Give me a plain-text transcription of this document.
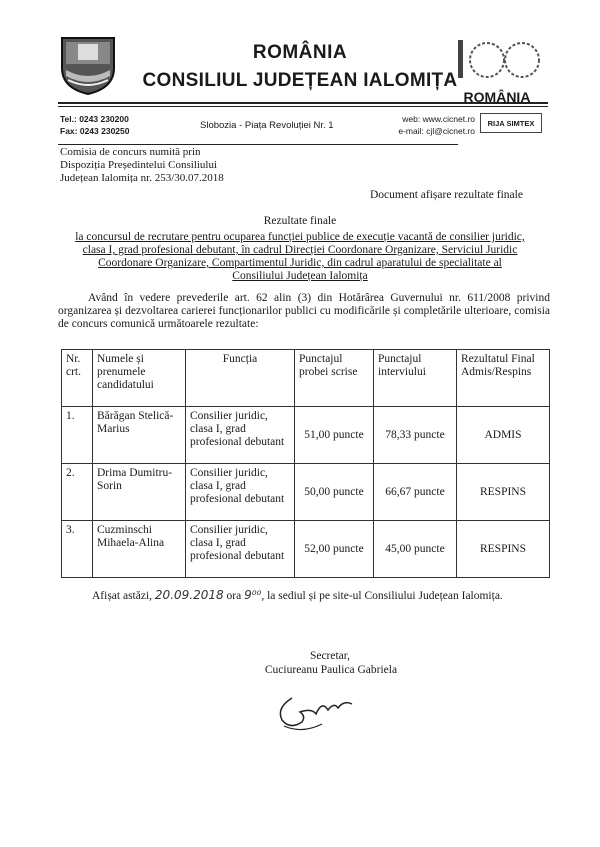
ROMÂNIA
CONSILIUL JUDEȚEAN IALOMIȚA
ROMÂNIA
Tel.: 0243 230200
Fax: 0243 230250	Slobozia - Piața Revoluției Nr. 1
web: www.cicnet.ro
e-mail: cjl@cicnet.ro
RIJA SIMTEX
Comisia de concurs numită prin
Dispoziția Președintelui Consiliului
Județean Ialomița nr. 253/30.07.2018
Document afișare rezultate finale
Rezultate finale
la concursul de recrutare pentru ocuparea funcției publice de execuție vacantă de consilier juridic,
clasa I, grad profesional debutant, în cadrul Direcției Coordonare Organizare, Serviciul Juridic
Coordonare Organizare, Compartimentul Juridic, din cadrul aparatului de specialitate al
Consiliului Județean Ialomița
Având în vedere prevederile art. 62 alin (3) din Hotărârea Guvernului nr. 611/2008 privind organizarea și dezvoltarea carierei funcționarilor publici cu modificările și completările ulterioare, comisia de concurs comunică următoarele rezultate:
Nr. crt.	Numele și prenumele candidatului	Funcția	Punctajul probei scrise	Punctajul interviului	Rezultatul Final Admis/Respins
1.	Bărăgan Stelică-Marius	Consilier juridic, clasa I, grad profesional debutant	51,00 puncte	78,33 puncte	ADMIS
2.	Drima Dumitru-Sorin	Consilier juridic, clasa I, grad profesional debutant	50,00 puncte	66,67 puncte	RESPINS
3.	Cuzminschi Mihaela-Alina	Consilier juridic, clasa I, grad profesional debutant	52,00 puncte	45,00 puncte	RESPINS
Afișat astăzi, 20.09.2018 ora 9⁰⁰, la sediul și pe site-ul Consiliului Județean Ialomița.
Secretar,
Cuciureanu Paulica Gabriela
